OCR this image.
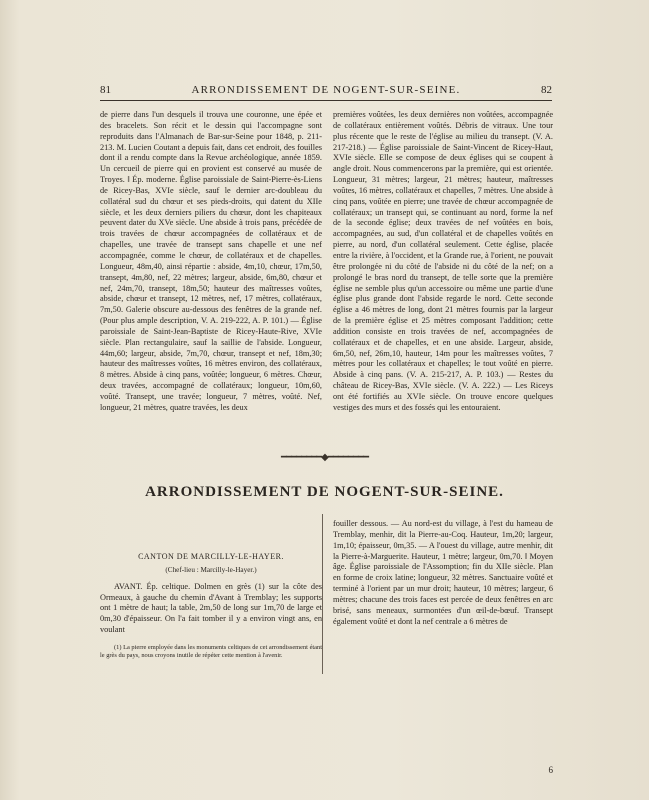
81	ARRONDISSEMENT DE NOGENT-SUR-SEINE.	82

de pierre dans l'un desquels il trouva une couronne, une épée et des bracelets. Son récit et le dessin qui l'accompagne sont reproduits dans l'Almanach de Bar-sur-Seine pour 1848, p. 211-213. M. Lucien Coutant a depuis fait, dans cet endroit, des fouilles dont il a rendu compte dans la Revue archéologique, année 1859. Un cercueil de pierre qui en provient est conservé au musée de Troyes. ‖ Ép. moderne. Église paroissiale de Saint-Pierre-ès-Liens de Ricey-Bas, XVIe siècle, sauf le dernier arc-doubleau du collatéral sud du chœur et ses pieds-droits, qui datent du XIIe siècle, et les deux derniers piliers du chœur, dont les chapiteaux peuvent dater du XVe siècle. Une abside à trois pans, précédée de trois travées de chœur accompagnées de collatéraux et de chapelles, une travée de transept sans chapelle et une nef accompagnée, comme le chœur, de collatéraux et de chapelles. Longueur, 48m,40, ainsi répartie : abside, 4m,10, chœur, 17m,50, transept, 4m,80, nef, 22 mètres; largeur, abside, 6m,80, chœur et nef, 24m,70, transept, 18m,50; hauteur des maîtresses voûtes, abside, chœur et transept, 12 mètres, nef, 17 mètres, collatéraux, 7m,50. Galerie obscure au-dessous des fenêtres de la grande nef. (Pour plus ample description, V. A. 219-222, A. P. 101.) — Église paroissiale de Saint-Jean-Baptiste de Ricey-Haute-Rive, XVIe siècle. Plan rectangulaire, sauf la saillie de l'abside. Longueur, 44m,60; largeur, abside, 7m,70, chœur, transept et nef, 18m,30; hauteur des maîtresses voûtes, 16 mètres environ, des collatéraux, 8 mètres. Abside à cinq pans, voûtée; longueur, 6 mètres. Chœur, deux travées, accompagné de collatéraux; longueur, 10m,60, voûté. Transept, une travée; longueur, 7 mètres, voûté. Nef, longueur, 21 mètres, quatre travées, les deux

premières voûtées, les deux dernières non voûtées, accompagnée de collatéraux entièrement voûtés. Débris de vitraux. Une tour plus récente que le reste de l'église au milieu du transept. (V. A. 217-218.) — Église paroissiale de Saint-Vincent de Ricey-Haut, XVIe siècle. Elle se compose de deux églises qui se coupent à angle droit. Nous commencerons par la première, qui est orientée. Longueur, 31 mètres; largeur, 21 mètres; hauteur, maîtresses voûtes, 16 mètres, collatéraux et chapelles, 7 mètres. Une abside à cinq pans, voûtée en pierre; une travée de chœur accompagnée de collatéraux; un transept qui, se continuant au nord, forme la nef de la seconde église; deux travées de nef voûtées en bois, accompagnées, au sud, d'un collatéral et de chapelles voûtés en pierre, au nord, d'un collatéral seulement. Cette église, placée entre la rivière, à l'occident, et la Grande rue, à l'orient, ne pouvait être prolongée ni du côté de l'abside ni du côté de la nef; on a prolongé le bras nord du transept, de telle sorte que la première église ne semble plus qu'un accessoire ou même une partie d'une église plus grande dont l'abside regarde le nord. Cette seconde église a 46 mètres de long, dont 21 mètres fournis par la largeur de la première église et 25 mètres composant l'addition; cette addition consiste en trois travées de nef, accompagnées de collatéraux et de chapelles, et en une abside. Largeur, abside, 6m,50, nef, 26m,10, hauteur, 14m pour les maîtresses voûtes, 7 mètres pour les collatéraux et chapelles; le tout voûté en pierre. Abside à cinq pans. (V. A. 215-217, A. P. 103.) — Restes du château de Ricey-Bas, XVIe siècle. (V. A. 222.) — Les Riceys ont été fortifiés au XVIe siècle. On trouve encore quelques vestiges des murs et des fossés qui les entouraient.

━━━━━━━━◆━━━━━━━━
ARRONDISSEMENT DE NOGENT-SUR-SEINE.

CANTON DE MARCILLY-LE-HAYER.

(Chef-lieu : Marcilly-le-Hayer.)

AVANT. Ép. celtique. Dolmen en grès (1) sur la côte des Ormeaux, à gauche du chemin d'Avant à Tremblay; les supports ont 1 mètre de haut; la table, 2m,50 de long sur 1m,70 de large et 0m,30 d'épaisseur. On l'a fait tomber il y a environ vingt ans, en voulant

(1) La pierre employée dans les monuments celtiques de cet arrondissement étant le grès du pays, nous croyons inutile de répéter cette mention à l'avenir.

fouiller dessous. — Au nord-est du village, à l'est du hameau de Tremblay, menhir, dit la Pierre-au-Coq. Hauteur, 1m,20; largeur, 1m,10; épaisseur, 0m,35. — A l'ouest du village, autre menhir, dit la Pierre-à-Marguerite. Hauteur, 1 mètre; largeur, 0m,70. ‖ Moyen âge. Église paroissiale de l'Assomption; fin du XIIe siècle. Plan en forme de croix latine; longueur, 32 mètres. Sanctuaire voûté et terminé à l'orient par un mur droit; hauteur, 10 mètres; largeur, 6 mètres; chacune des trois faces est percée de deux fenêtres en arc brisé, sans meneaux, surmontées d'un œil-de-bœuf. Transept également voûté et dont la nef centrale a 6 mètres de

6
